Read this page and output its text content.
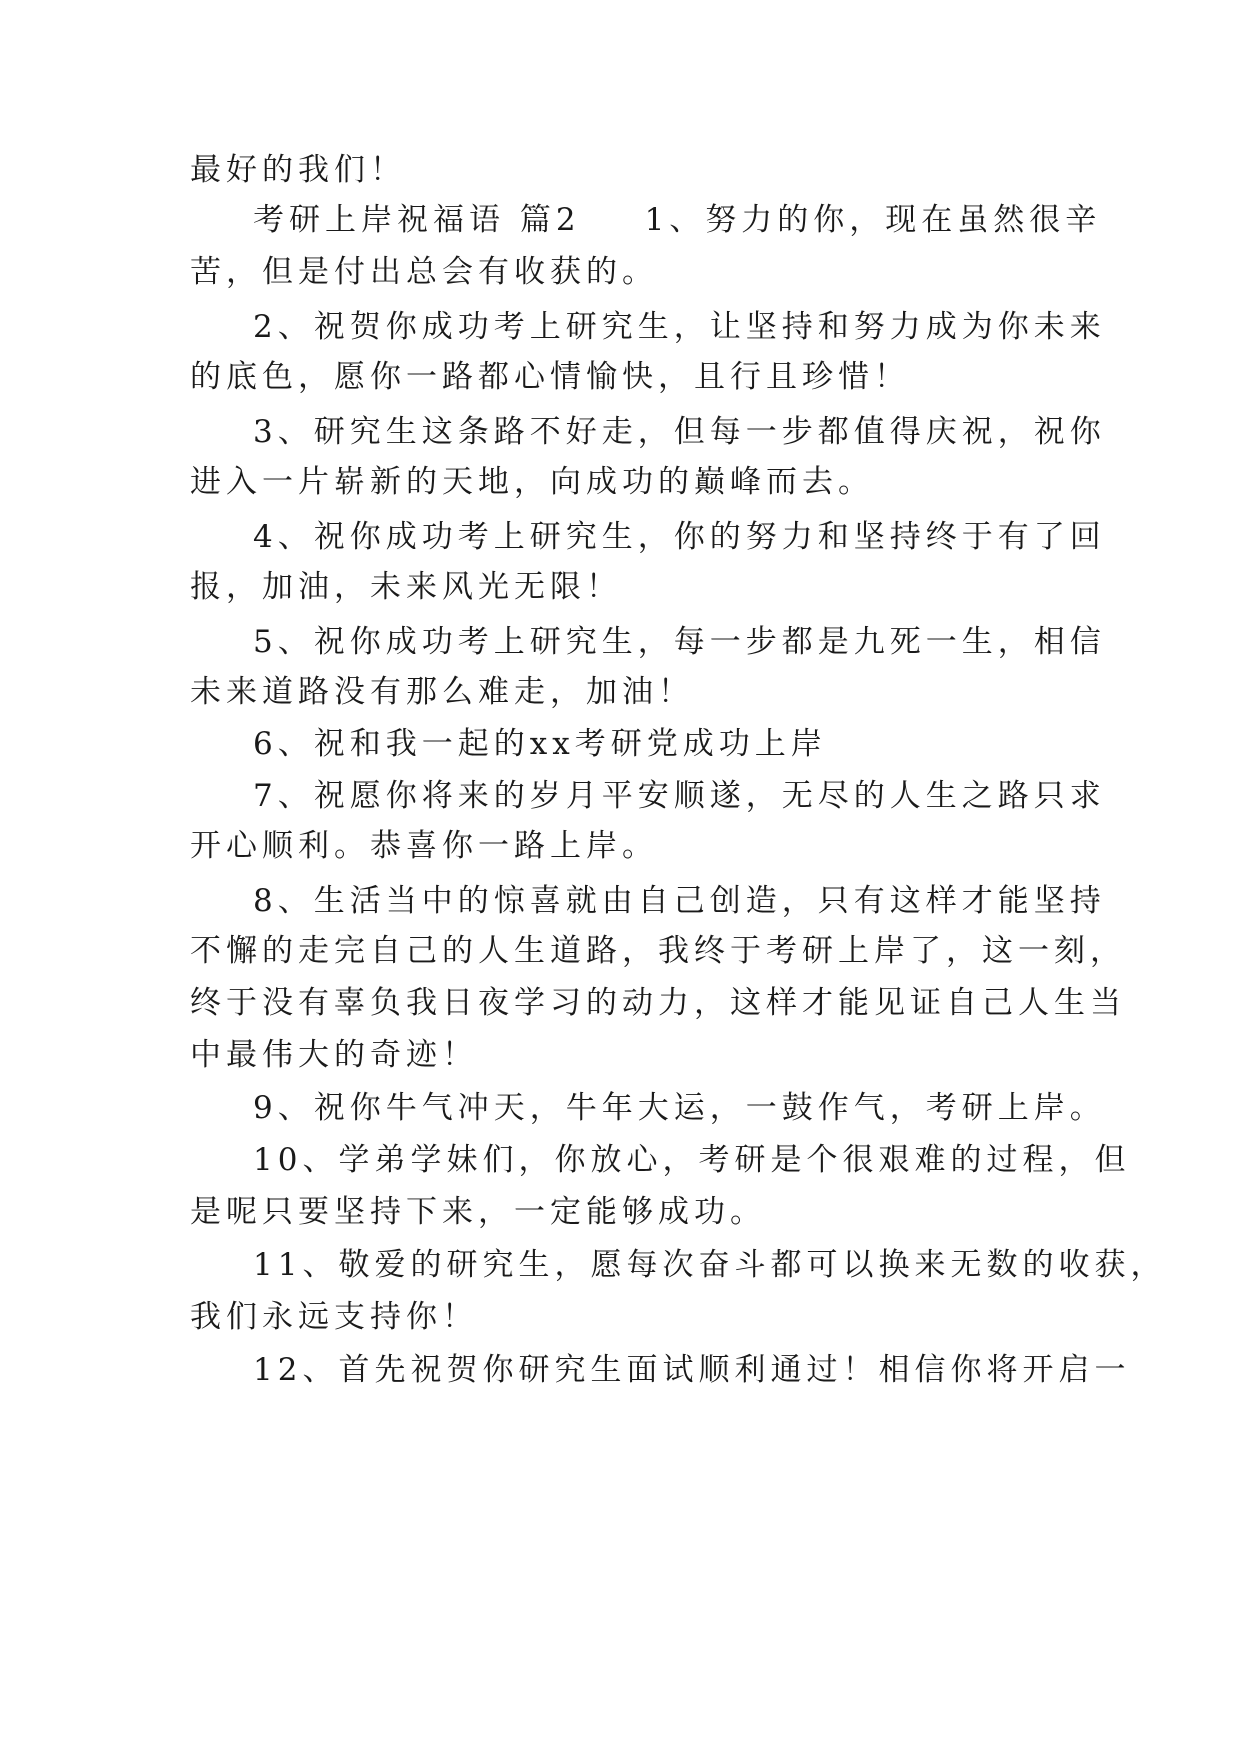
最好的我们！
考研上岸祝福语 篇2 1、努力的你，现在虽然很辛
苦，但是付出总会有收获的。
2、祝贺你成功考上研究生，让坚持和努力成为你未来
的底色，愿你一路都心情愉快，且行且珍惜！
3、研究生这条路不好走，但每一步都值得庆祝，祝你
进入一片崭新的天地，向成功的巅峰而去。
4、祝你成功考上研究生，你的努力和坚持终于有了回
报，加油，未来风光无限！
5、祝你成功考上研究生，每一步都是九死一生，相信
未来道路没有那么难走，加油！
6、祝和我一起的xx考研党成功上岸
7、祝愿你将来的岁月平安顺遂，无尽的人生之路只求
开心顺利。恭喜你一路上岸。
8、生活当中的惊喜就由自己创造，只有这样才能坚持
不懈的走完自己的人生道路，我终于考研上岸了，这一刻，
终于没有辜负我日夜学习的动力，这样才能见证自己人生当
中最伟大的奇迹！
9、祝你牛气冲天，牛年大运，一鼓作气，考研上岸。
10、学弟学妹们，你放心，考研是个很艰难的过程，但
是呢只要坚持下来，一定能够成功。
11、敬爱的研究生，愿每次奋斗都可以换来无数的收获，
我们永远支持你！
12、首先祝贺你研究生面试顺利通过！相信你将开启一
